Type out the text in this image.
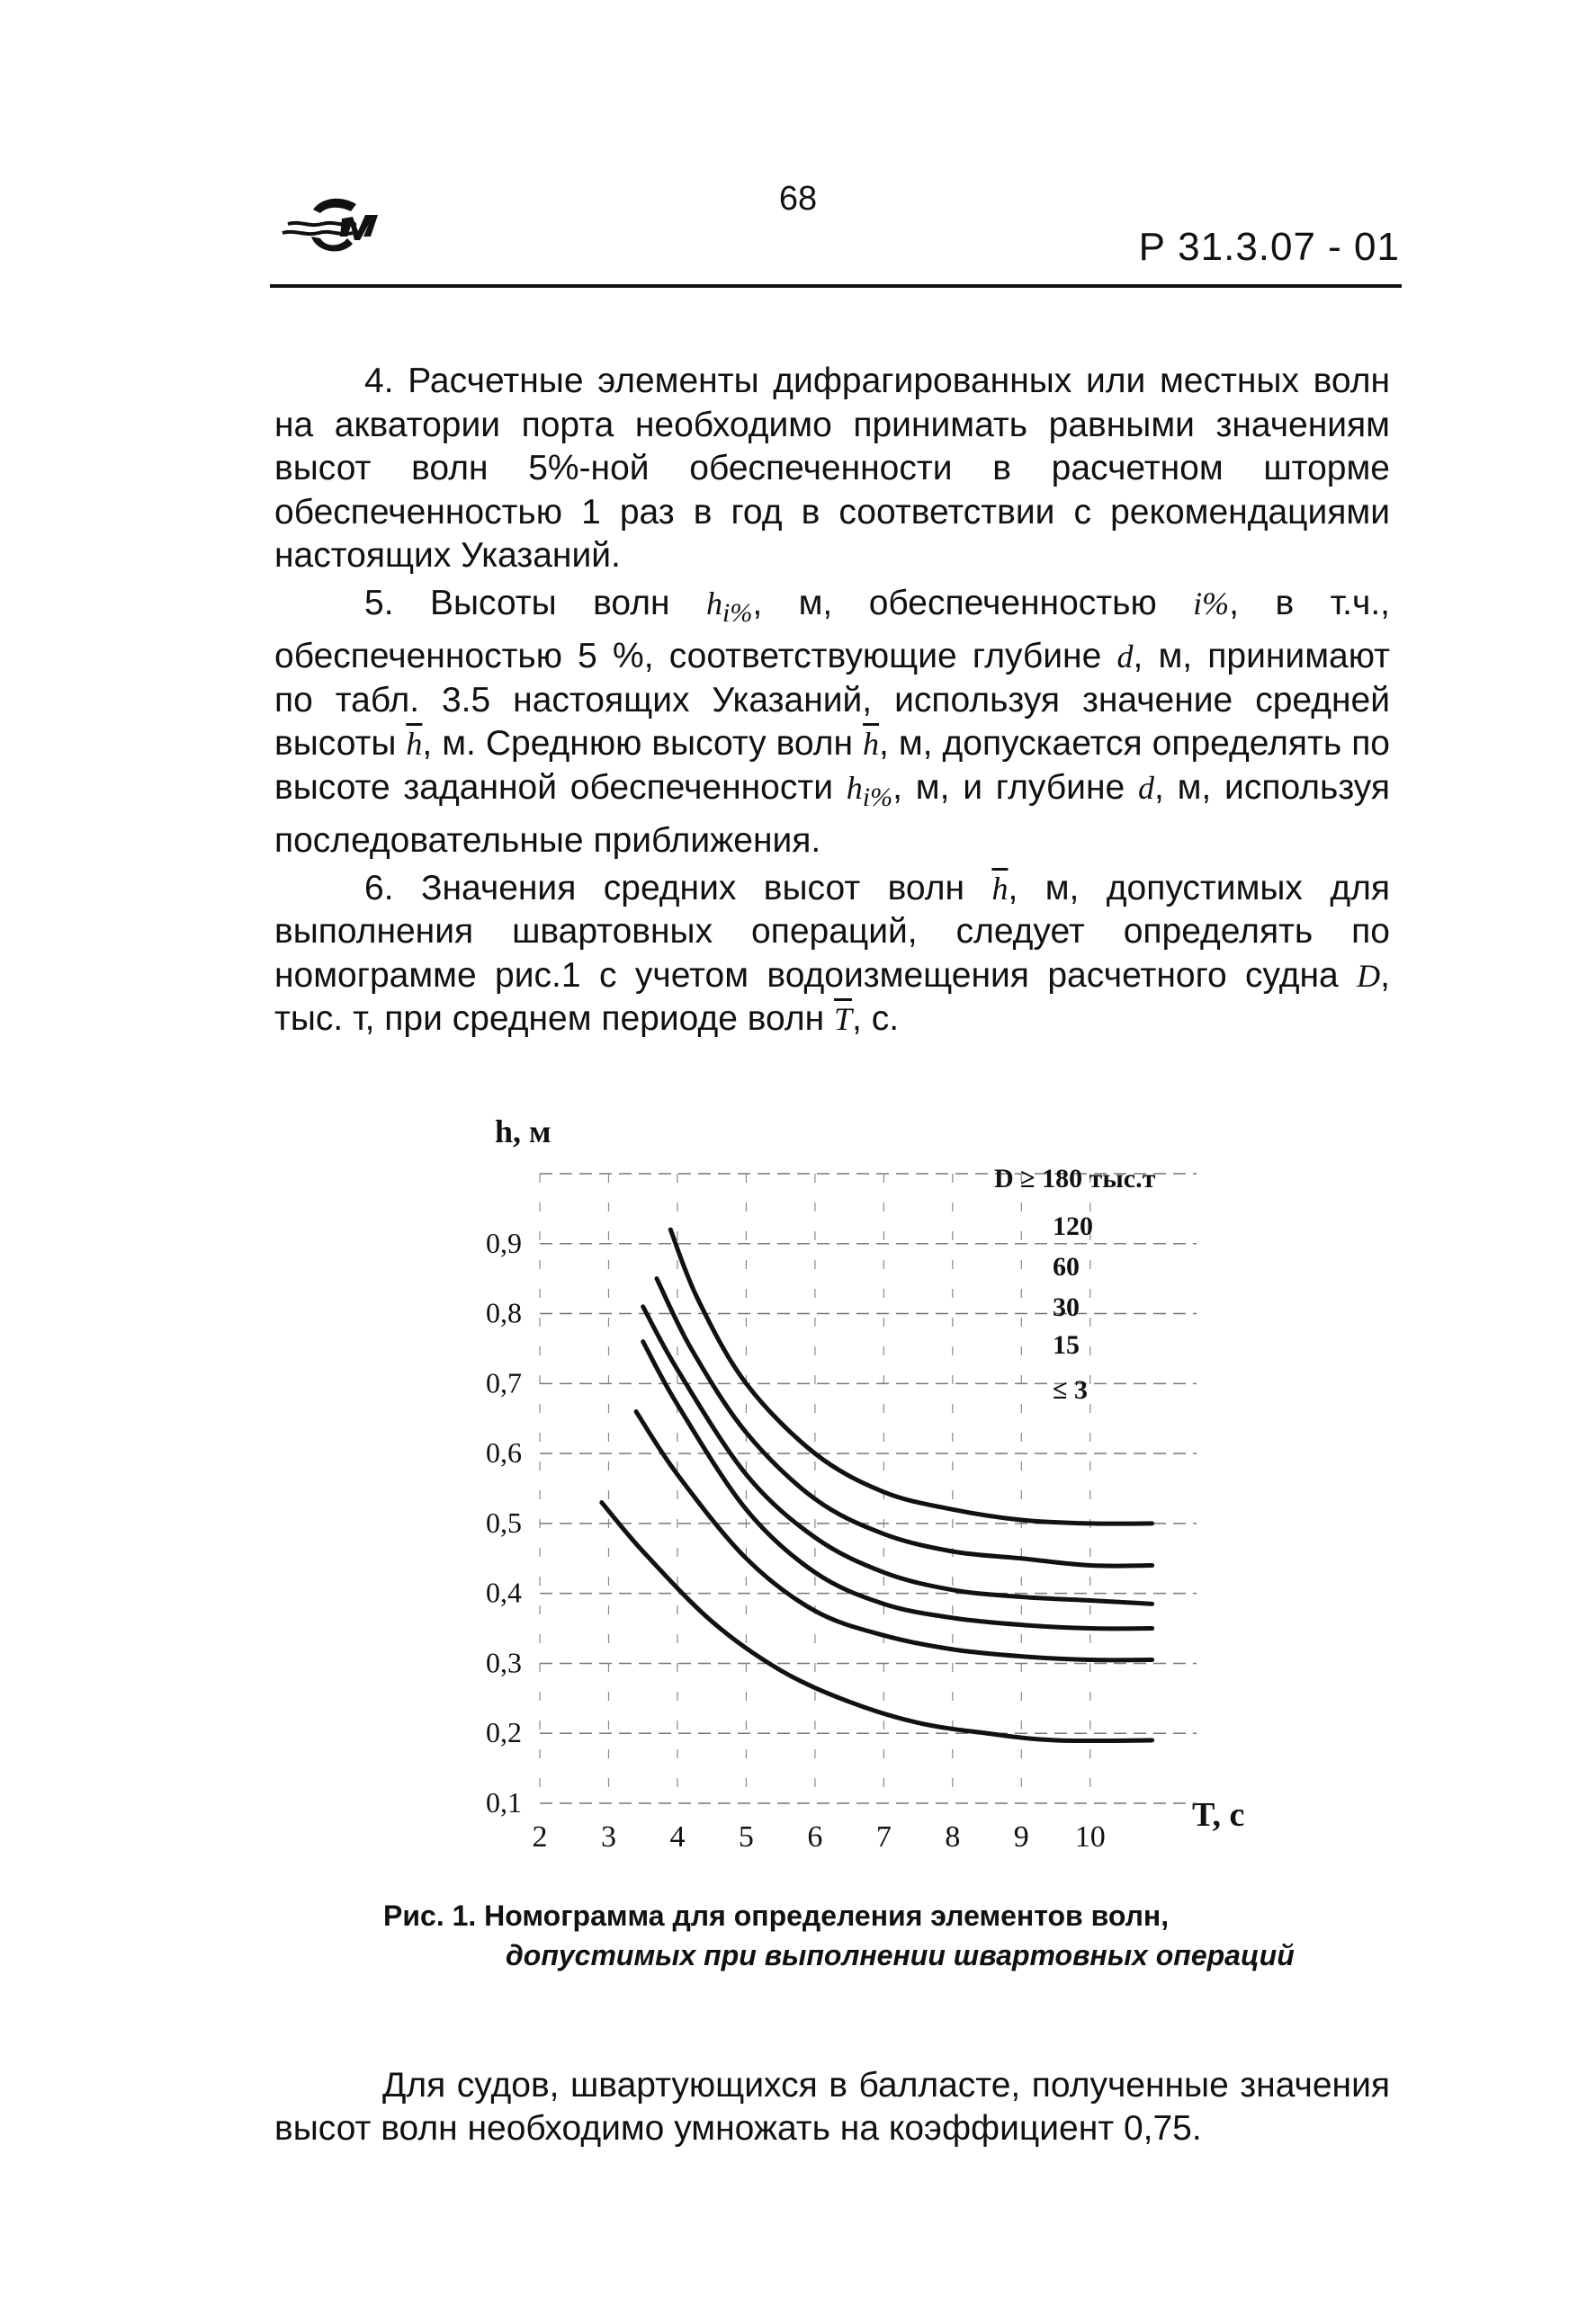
68
Р 31.3.07 - 01

4. Расчетные элементы дифрагированных или местных волн на акватории порта необходимо принимать равными значениям высот волн 5%-ной обеспеченности в расчетном шторме обеспеченностью 1 раз в год в соответствии с рекомендациями настоящих Указаний.

5. Высоты волн $h_{i\%}$, м, обеспеченностью i%, в т.ч., обеспеченностью 5 %, соответствующие глубине d, м, принимают по табл. 3.5 настоящих Указаний, используя значение средней высоты $\overline{h}$, м. Среднюю высоту волн $\overline{h}$, м, допускается определять по высоте заданной обеспеченности $h_{i\%}$, м, и глубине d, м, используя последовательные приближения.

6. Значения средних высот волн $\overline{h}$, м, допустимых для выполнения швартовных операций, следует определять по номограмме рис.1 с учетом водоизмещения расчетного судна D, тыс. т, при среднем периоде волн $\overline{T}$, с.

h, м
T, с
0,1
0,2
0,3
0,4
0,5
0,6
0,7
0,8
0,9
2 3 4 5 6 7 8 9 10
D ≥ 180 тыс.т
120
60
30
15
≤ 3
Рис. 1. Номограмма для определения элементов волн,
допустимых при выполнении швартовных операций

Для судов, швартующихся в балласте, полученные значения высот волн необходимо умножать на коэффициент 0,75.
